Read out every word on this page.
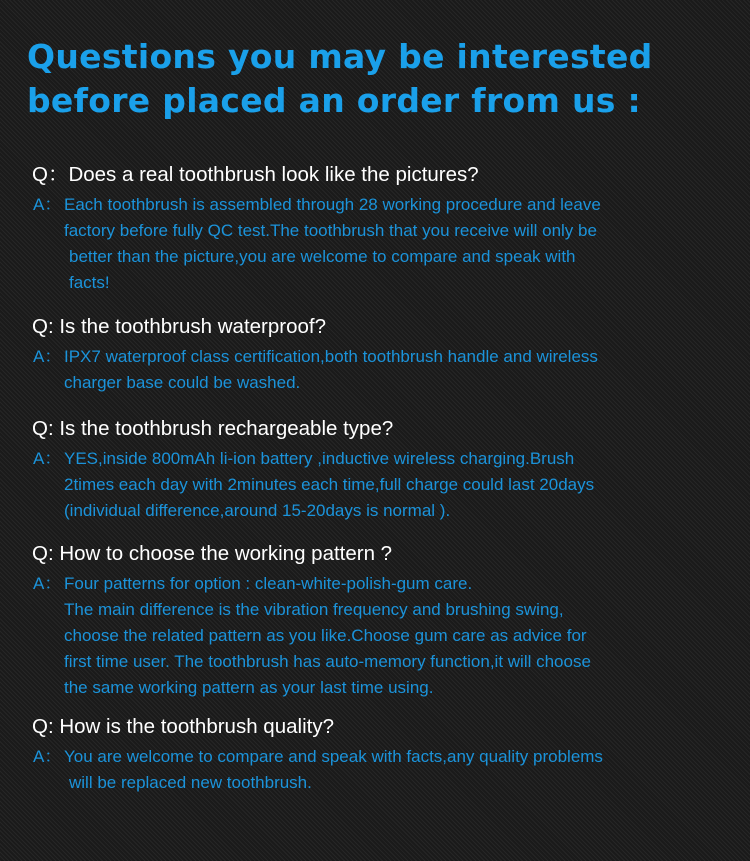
Questions you may be interested
before placed an order from us :
Q：Does a real toothbrush look like the pictures?
A： Each toothbrush is assembled through 28 working procedure and leave
factory before fully QC test.The toothbrush that you receive will only be
better than the picture,you are welcome to compare and speak with
facts!
Q: Is the toothbrush waterproof?
A： IPX7 waterproof class certification,both toothbrush handle and wireless
charger base could be washed.
Q: Is the toothbrush rechargeable type?
A： YES,inside 800mAh li-ion battery ,inductive wireless charging.Brush
2times each day with 2minutes each time,full charge could last 20days
(individual difference,around 15-20days is normal ).
Q: How to choose the working pattern ?
A： Four patterns for option : clean-white-polish-gum care.
The main difference is the vibration frequency and brushing swing,
choose the related pattern as you like.Choose gum care as advice for
first time user. The toothbrush has auto-memory function,it will choose
the same working pattern as your last time using.
Q: How is the toothbrush quality?
A： You are welcome to compare and speak with facts,any quality problems
will be replaced new toothbrush.
